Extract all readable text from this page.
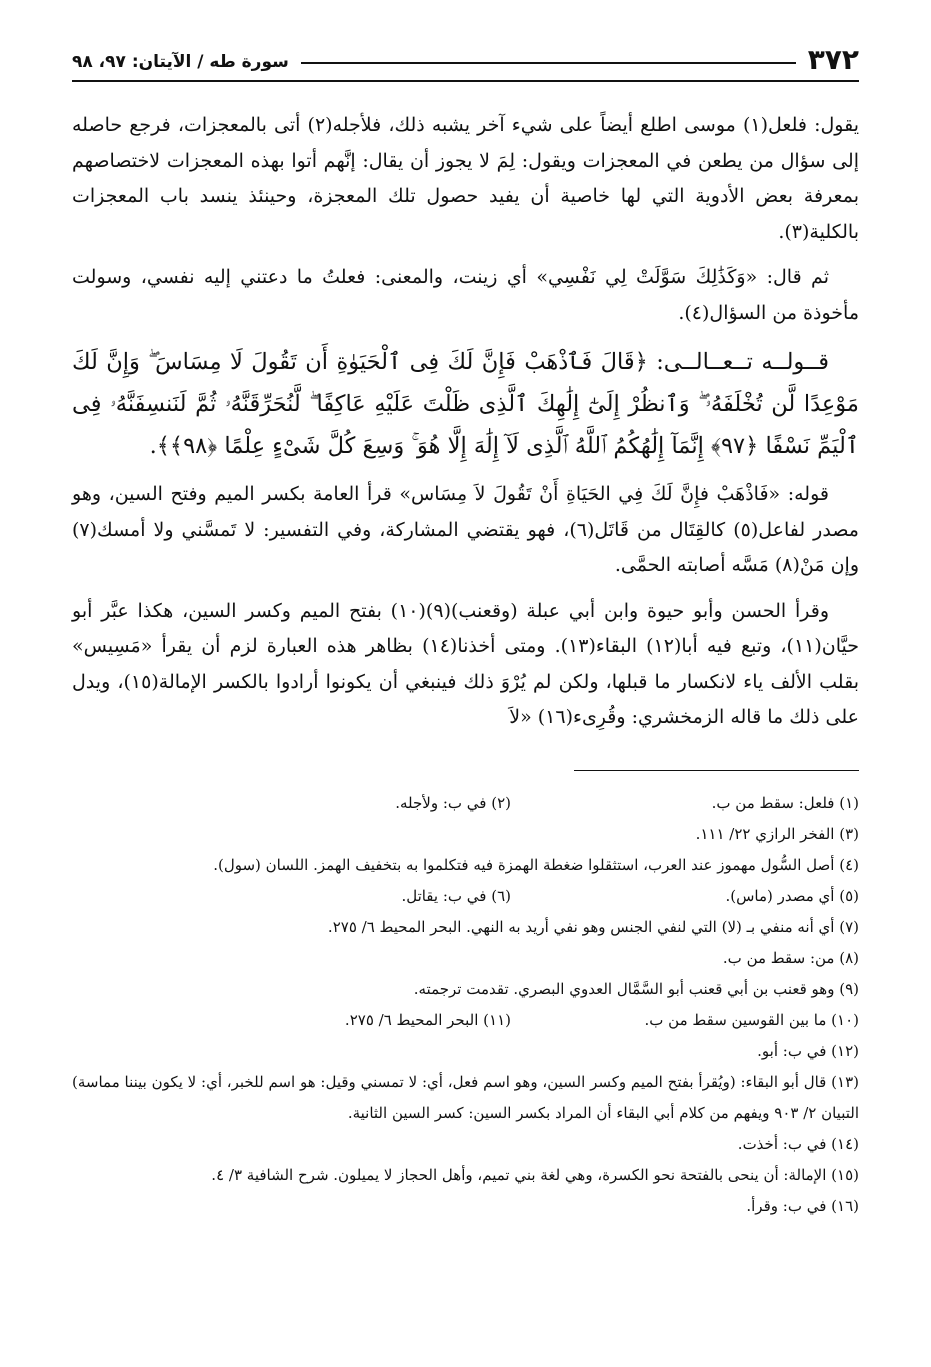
٣٧٢
سورة طه / الآيتان: ٩٧، ٩٨

يقول: فلعل(١) موسى اطلع أيضاً على شيء آخر يشبه ذلك، فلأجله(٢) أتى بالمعجزات، فرجع حاصله إلى سؤال من يطعن في المعجزات ويقول: لِمَ لا يجوز أن يقال: إنَّهم أتوا بهذه المعجزات لاختصاصهم بمعرفة بعض الأدوية التي لها خاصية أن يفيد حصول تلك المعجزة، وحينئذ ينسد باب المعجزات بالكلية(٣).

ثم قال: «وَكَذَٰلِكَ سَوَّلَتْ لِي نَفْسِي» أي زينت، والمعنى: فعلتُ ما دعتني إليه نفسي، وسولت مأخوذة من السؤال(٤).

قــولــه تــعــالــى: ﴿قَالَ فَٱذْهَبْ فَإِنَّ لَكَ فِى ٱلْحَيَوٰةِ أَن تَقُولَ لَا مِسَاسَ ۖ وَإِنَّ لَكَ مَوْعِدًا لَّن تُخْلَفَهُۥ ۖ وَٱنظُرْ إِلَىٰٓ إِلَٰهِكَ ٱلَّذِى ظَلْتَ عَلَيْهِ عَاكِفًا ۖ لَّنُحَرِّقَنَّهُۥ ثُمَّ لَنَنسِفَنَّهُۥ فِى ٱلْيَمِّ نَسْفًا ﴿٩٧﴾ إِنَّمَآ إِلَٰهُكُمُ ٱللَّهُ ٱلَّذِى لَآ إِلَٰهَ إِلَّا هُوَ ۚ وَسِعَ كُلَّ شَىْءٍ عِلْمًا ﴿٩٨﴾﴾.

قوله: «فَاذْهَبْ فإِنَّ لَكَ فِي الحَيَاةِ أَنْ تَقُولَ لاَ مِسَاس» قرأ العامة بكسر الميم وفتح السين، وهو مصدر لفاعل(٥) كالقِتَال من قَاتَل(٦)، فهو يقتضي المشاركة، وفي التفسير: لا تَمسَّني ولا أمسك(٧) وإن مَنْ(٨) مَسَّه أصابته الحمَّى.

وقرأ الحسن وأبو حيوة وابن أبي عبلة (وقعنب)(٩)(١٠) بفتح الميم وكسر السين، هكذا عبَّر أبو حيَّان(١١)، وتبع فيه أبا(١٢) البقاء(١٣). ومتى أخذنا(١٤) بظاهر هذه العبارة لزم أن يقرأ «مَسِيس» بقلب الألف ياء لانكسار ما قبلها، ولكن لم يُرْوَ ذلك فينبغي أن يكونوا أرادوا بالكسر الإمالة(١٥)، ويدل على ذلك ما قاله الزمخشري: وقُرِىء(١٦) «لاَ

(١) فلعل: سقط من ب.
(٢) في ب: ولأجله.
(٣) الفخر الرازي ٢٢/ ١١١.
(٤) أصل السُّول مهموز عند العرب، استثقلوا ضغطة الهمزة فيه فتكلموا به بتخفيف الهمز. اللسان (سول).
(٥) أي مصدر (ماس).
(٦) في ب: يقاتل.
(٧) أي أنه منفي بـ (لا) التي لنفي الجنس وهو نفي أريد به النهي. البحر المحيط ٦/ ٢٧٥.
(٨) من: سقط من ب.
(٩) وهو قعنب بن أبي قعنب أبو السَّمَّال العدوي البصري. تقدمت ترجمته.
(١٠) ما بين القوسين سقط من ب.
(١١) البحر المحيط ٦/ ٢٧٥.
(١٢) في ب: أبو.
(١٣) قال أبو البقاء: (ويُقرأ بفتح الميم وكسر السين، وهو اسم فعل، أي: لا تمسني وقيل: هو اسم للخبر، أي: لا يكون بيننا مماسة) التبيان ٢/ ٩٠٣ ويفهم من كلام أبي البقاء أن المراد بكسر السين: كسر السين الثانية.
(١٤) في ب: أخذت.
(١٥) الإمالة: أن ينحى بالفتحة نحو الكسرة، وهي لغة بني تميم، وأهل الحجاز لا يميلون. شرح الشافية ٣/ ٤.
(١٦) في ب: وقرأ.
